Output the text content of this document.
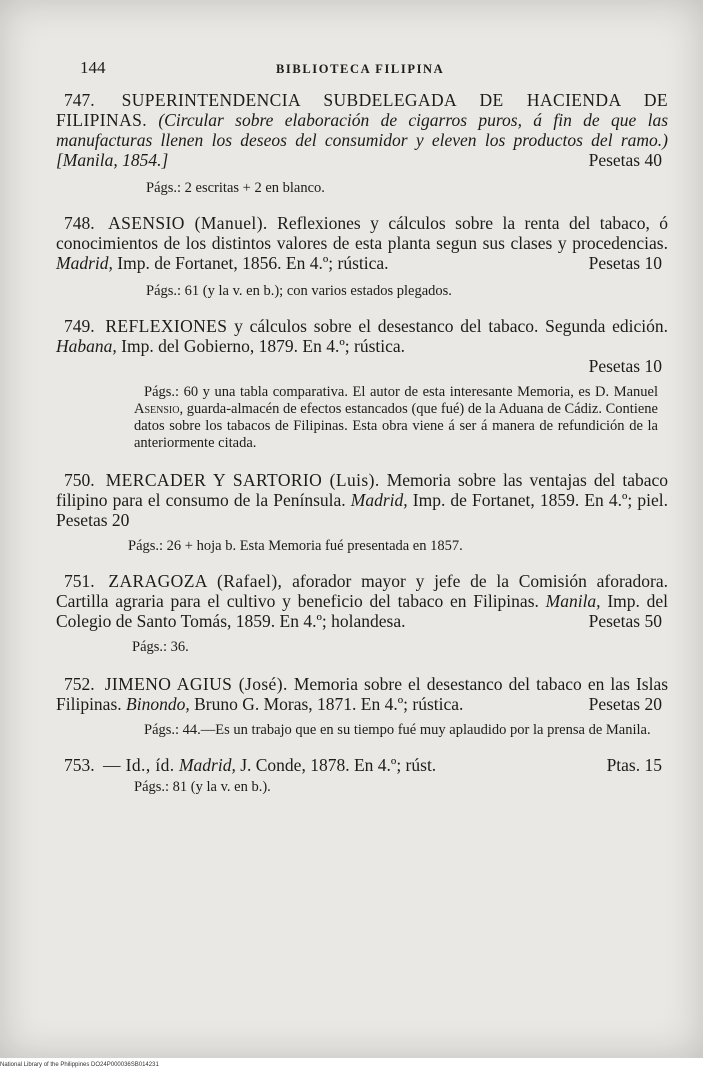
144	BIBLIOTECA FILIPINA
747. SUPERINTENDENCIA SUBDELEGADA DE HACIENDA DE FILIPINAS. (Circular sobre elaboración de cigarros puros, á fin de que las manufacturas llenen los deseos del consumidor y eleven los productos del ramo.) [Manila, 1854.]	Pesetas 40
Págs.: 2 escritas + 2 en blanco.
748. ASENSIO (Manuel). Reflexiones y cálculos sobre la renta del tabaco, ó conocimientos de los distintos valores de esta planta segun sus clases y procedencias. Madrid, Imp. de Fortanet, 1856. En 4.º; rústica.	Pesetas 10
Págs.: 61 (y la v. en b.); con varios estados plegados.
749. REFLEXIONES y cálculos sobre el desestanco del tabaco. Segunda edición. Habana, Imp. del Gobierno, 1879. En 4.º; rústica.
Pesetas 10
Págs.: 60 y una tabla comparativa. El autor de esta interesante Memoria, es D. Manuel Asensio, guarda-almacén de efectos estancados (que fué) de la Aduana de Cádiz. Contiene datos sobre los tabacos de Filipinas. Esta obra viene á ser á manera de refundición de la anteriormente citada.
750. MERCADER Y SARTORIO (Luis). Memoria sobre las ventajas del tabaco filipino para el consumo de la Península. Madrid, Imp. de Fortanet, 1859. En 4.º; piel. Pesetas 20
Págs.: 26 + hoja b. Esta Memoria fué presentada en 1857.
751. ZARAGOZA (Rafael), aforador mayor y jefe de la Comisión aforadora. Cartilla agraria para el cultivo y beneficio del tabaco en Filipinas. Manila, Imp. del Colegio de Santo Tomás, 1859. En 4.º; holandesa.	Pesetas 50
Págs.: 36.
752. JIMENO AGIUS (José). Memoria sobre el desestanco del tabaco en las Islas Filipinas. Binondo, Bruno G. Moras, 1871. En 4.º; rústica.	Pesetas 20
Págs.: 44.—Es un trabajo que en su tiempo fué muy aplaudido por la prensa de Manila.
753. — Id., íd. Madrid, J. Conde, 1878. En 4.º; rúst.	Ptas. 15
Págs.: 81 (y la v. en b.).
National Library of the Philippines DO24P000036SB014231
